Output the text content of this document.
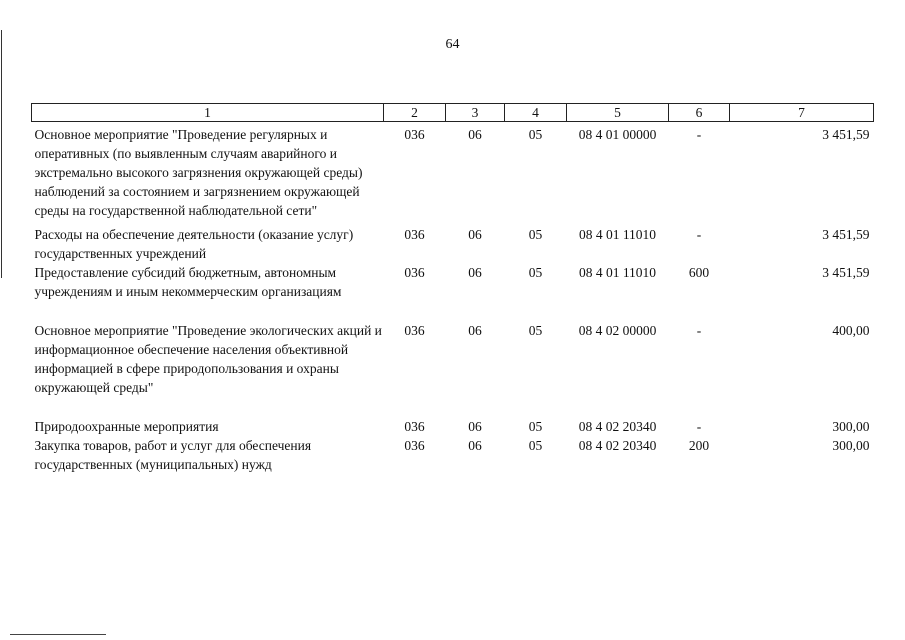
64
1	2	3	4	5	6	7
Основное мероприятие "Проведение регулярных и оперативных (по выявленным случаям аварийного и экстремально высокого загрязнения окружающей среды) наблюдений за состоянием и загрязнением окружающей среды на государственной наблюдательной сети"	036	06	05	08 4 01 00000	-	3 451,59
Расходы на обеспечение деятельности (оказание услуг) государственных учреждений	036	06	05	08 4 01 11010	-	3 451,59
Предоставление субсидий бюджетным, автономным учреждениям и иным некоммерческим организациям	036	06	05	08 4 01 11010	600	3 451,59
Основное мероприятие "Проведение экологических акций и информационное обеспечение населения объективной информацией в сфере природопользования и охраны окружающей среды"	036	06	05	08 4 02 00000	-	400,00
Природоохранные мероприятия	036	06	05	08 4 02 20340	-	300,00
Закупка товаров, работ и услуг для обеспечения государственных (муниципальных) нужд	036	06	05	08 4 02 20340	200	300,00
